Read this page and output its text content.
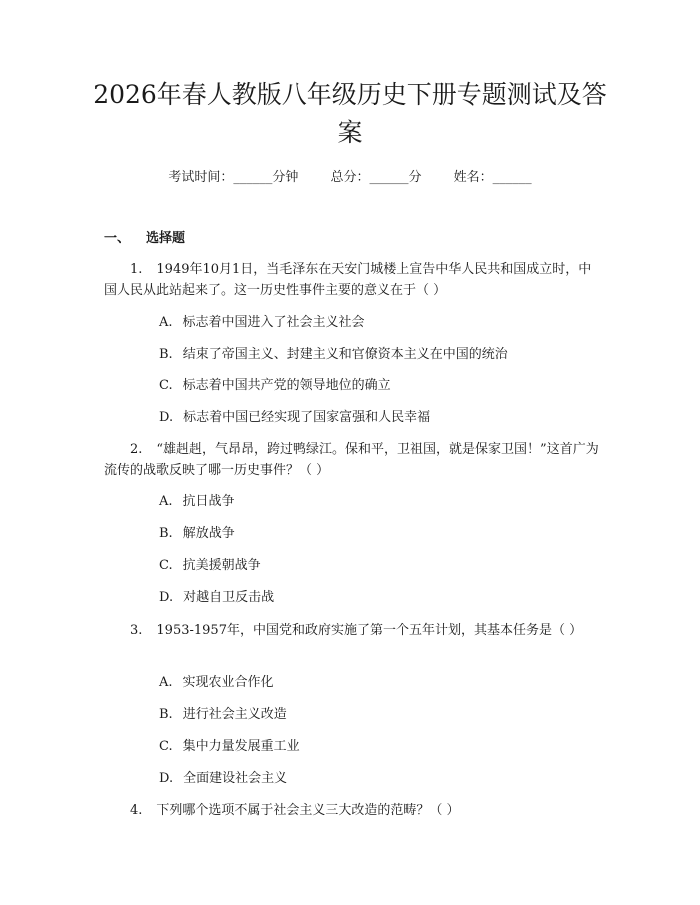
2026年春人教版八年级历史下册专题测试及答案
考试时间：______分钟 总分：______分 姓名：______
一、 选择题

1. 1949年10月1日，当毛泽东在天安门城楼上宣告中华人民共和国成立时，中国人民从此站起来了。这一历史性事件主要的意义在于（ ）

A. 标志着中国进入了社会主义社会

B. 结束了帝国主义、封建主义和官僚资本主义在中国的统治

C. 标志着中国共产党的领导地位的确立

D. 标志着中国已经实现了国家富强和人民幸福

2. “雄赳赳，气昂昂，跨过鸭绿江。保和平，卫祖国，就是保家卫国！”这首广为流传的战歌反映了哪一历史事件？（ ）

A. 抗日战争

B. 解放战争

C. 抗美援朝战争

D. 对越自卫反击战

3. 1953-1957年，中国党和政府实施了第一个五年计划，其基本任务是（ ）

A. 实现农业合作化

B. 进行社会主义改造

C. 集中力量发展重工业

D. 全面建设社会主义

4. 下列哪个选项不属于社会主义三大改造的范畴？（ ）
